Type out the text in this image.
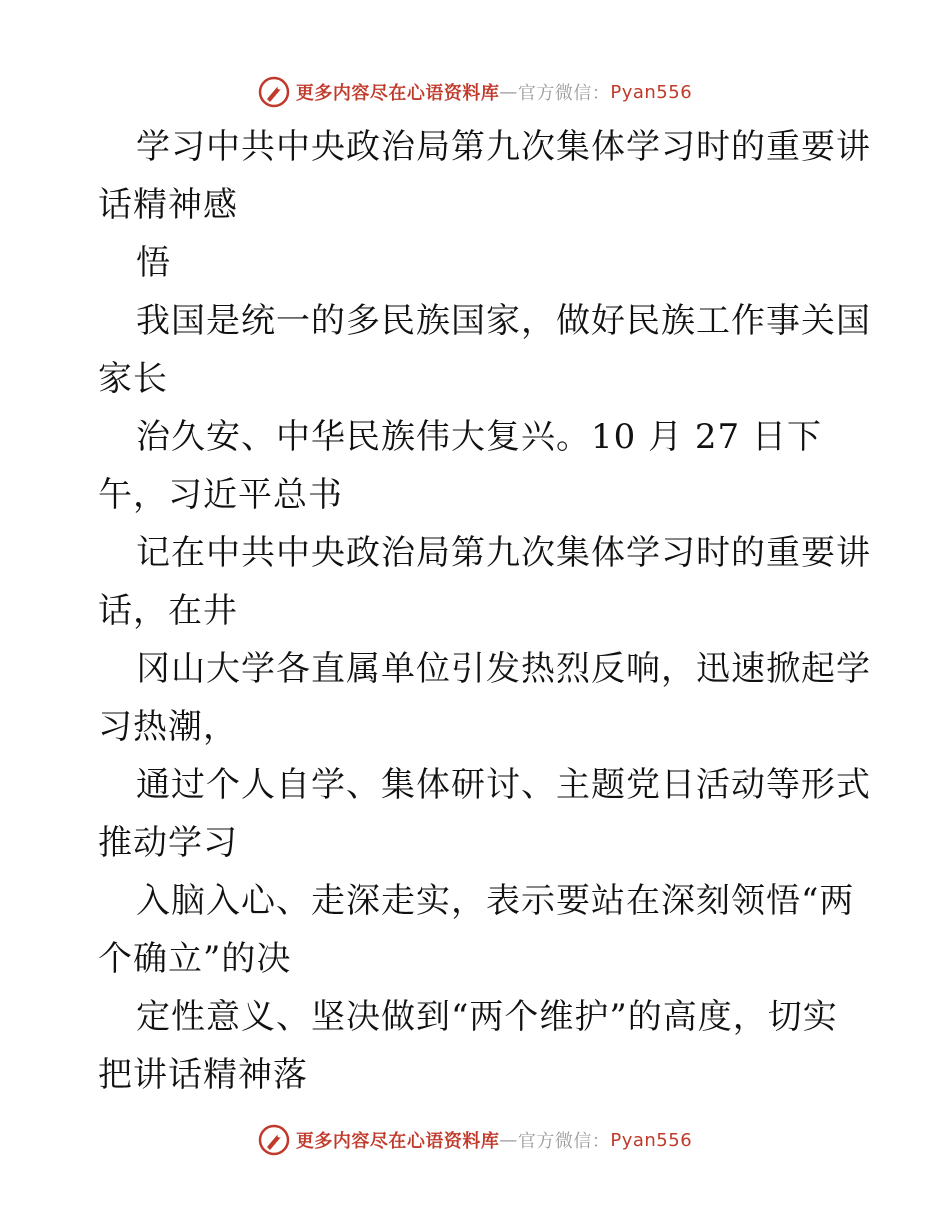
更多内容尽在心语资料库 — 官方微信： Pyan556
学习中共中央政治局第九次集体学习时的重要讲
话精神感
悟
我国是统一的多民族国家，做好民族工作事关国
家长
治久安、中华民族伟大复兴。10 月 27 日下
午，习近平总书
记在中共中央政治局第九次集体学习时的重要讲
话，在井
冈山大学各直属单位引发热烈反响，迅速掀起学
习热潮，
通过个人自学、集体研讨、主题党日活动等形式
推动学习
入脑入心、走深走实，表示要站在深刻领悟“两
个确立”的决
定性意义、坚决做到“两个维护”的高度，切实
把讲话精神落
更多内容尽在心语资料库 — 官方微信： Pyan556
